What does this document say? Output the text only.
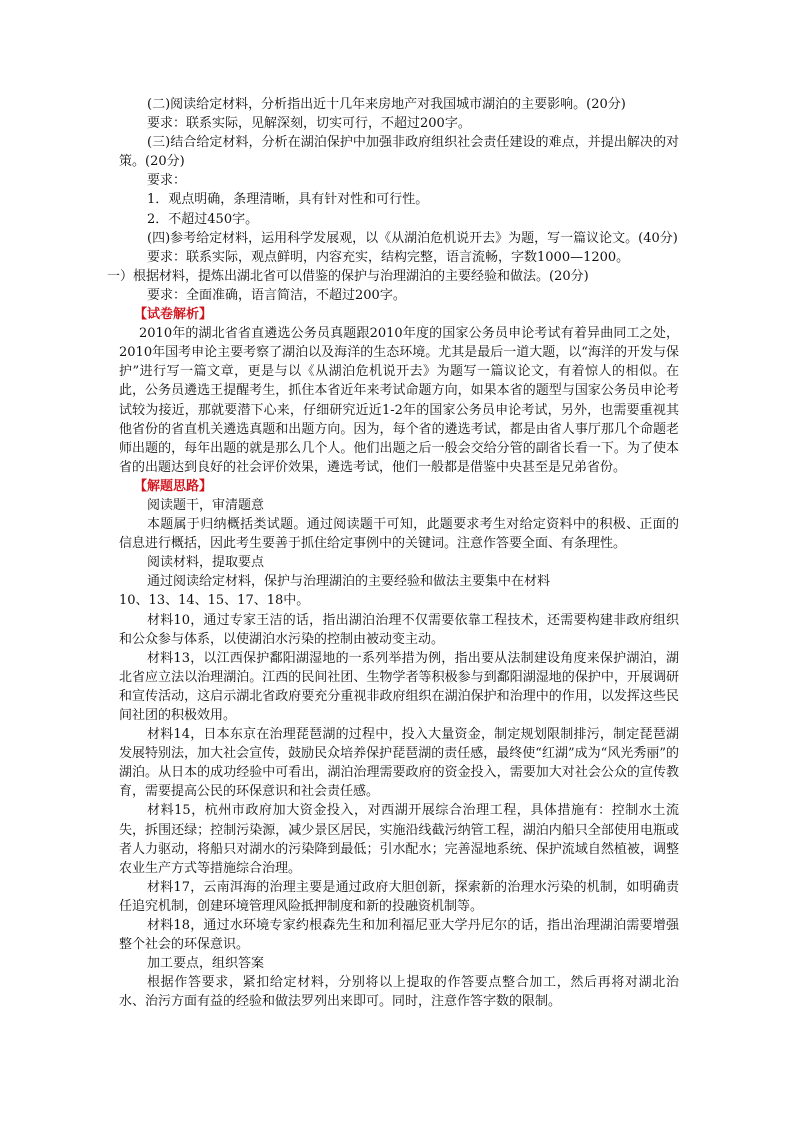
(二)阅读给定材料，分析指出近十几年来房地产对我国城市湖泊的主要影响。(20分)

要求：联系实际，见解深刻，切实可行，不超过200字。

(三)结合给定材料，分析在湖泊保护中加强非政府组织社会责任建设的难点，并提出解决的对策。(20分)

要求：

1．观点明确，条理清晰，具有针对性和可行性。

2．不超过450字。

(四)参考给定材料，运用科学发展观，以《从湖泊危机说开去》为题，写一篇议论文。(40分)

要求：联系实际，观点鲜明，内容充实，结构完整，语言流畅，字数1000—1200。

一）根据材料，提炼出湖北省可以借鉴的保护与治理湖泊的主要经验和做法。(20分)

要求：全面准确，语言简洁，不超过200字。

【试卷解析】

2010年的湖北省省直遴选公务员真题跟2010年度的国家公务员申论考试有着异曲同工之处，2010年国考申论主要考察了湖泊以及海洋的生态环境。尤其是最后一道大题，以“海洋的开发与保护”进行写一篇文章，更是与以《从湖泊危机说开去》为题写一篇议论文，有着惊人的相似。在此，公务员遴选王提醒考生，抓住本省近年来考试命题方向，如果本省的题型与国家公务员申论考试较为接近，那就要潜下心来，仔细研究近近1-2年的国家公务员申论考试，另外，也需要重视其他省份的省直机关遴选真题和出题方向。因为，每个省的遴选考试，都是由省人事厅那几个命题老师出题的，每年出题的就是那么几个人。他们出题之后一般会交给分管的副省长看一下。为了使本省的出题达到良好的社会评价效果，遴选考试，他们一般都是借鉴中央甚至是兄弟省份。

【解题思路】

阅读题干，审清题意

本题属于归纳概括类试题。通过阅读题干可知，此题要求考生对给定资料中的积极、正面的信息进行概括，因此考生要善于抓住给定事例中的关键词。注意作答要全面、有条理性。

阅读材料，提取要点

通过阅读给定材料，保护与治理湖泊的主要经验和做法主要集中在材料

10、13、14、15、17、18中。

材料10，通过专家王洁的话，指出湖泊治理不仅需要依靠工程技术，还需要构建非政府组织和公众参与体系，以使湖泊水污染的控制由被动变主动。

材料13，以江西保护鄱阳湖湿地的一系列举措为例，指出要从法制建设角度来保护湖泊，湖北省应立法以治理湖泊。江西的民间社团、生物学者等积极参与到鄱阳湖湿地的保护中，开展调研和宣传活动，这启示湖北省政府要充分重视非政府组织在湖泊保护和治理中的作用，以发挥这些民间社团的积极效用。

材料14，日本东京在治理琵琶湖的过程中，投入大量资金，制定规划限制排污，制定琵琶湖发展特别法，加大社会宣传，鼓励民众培养保护琵琶湖的责任感，最终使“红湖”成为“风光秀丽”的湖泊。从日本的成功经验中可看出，湖泊治理需要政府的资金投入，需要加大对社会公众的宣传教育，需要提高公民的环保意识和社会责任感。

材料15，杭州市政府加大资金投入，对西湖开展综合治理工程，具体措施有：控制水土流失，拆围还绿；控制污染源，减少景区居民，实施沿线截污纳管工程，湖泊内船只全部使用电瓶或者人力驱动，将船只对湖水的污染降到最低；引水配水；完善湿地系统、保护流域自然植被，调整农业生产方式等措施综合治理。

材料17，云南洱海的治理主要是通过政府大胆创新，探索新的治理水污染的机制，如明确责任追究机制，创建环境管理风险抵押制度和新的投融资机制等。

材料18，通过水环境专家约根森先生和加利福尼亚大学丹尼尔的话，指出治理湖泊需要增强整个社会的环保意识。

加工要点，组织答案

根据作答要求，紧扣给定材料，分别将以上提取的作答要点整合加工，然后再将对湖北治水、治污方面有益的经验和做法罗列出来即可。同时，注意作答字数的限制。
